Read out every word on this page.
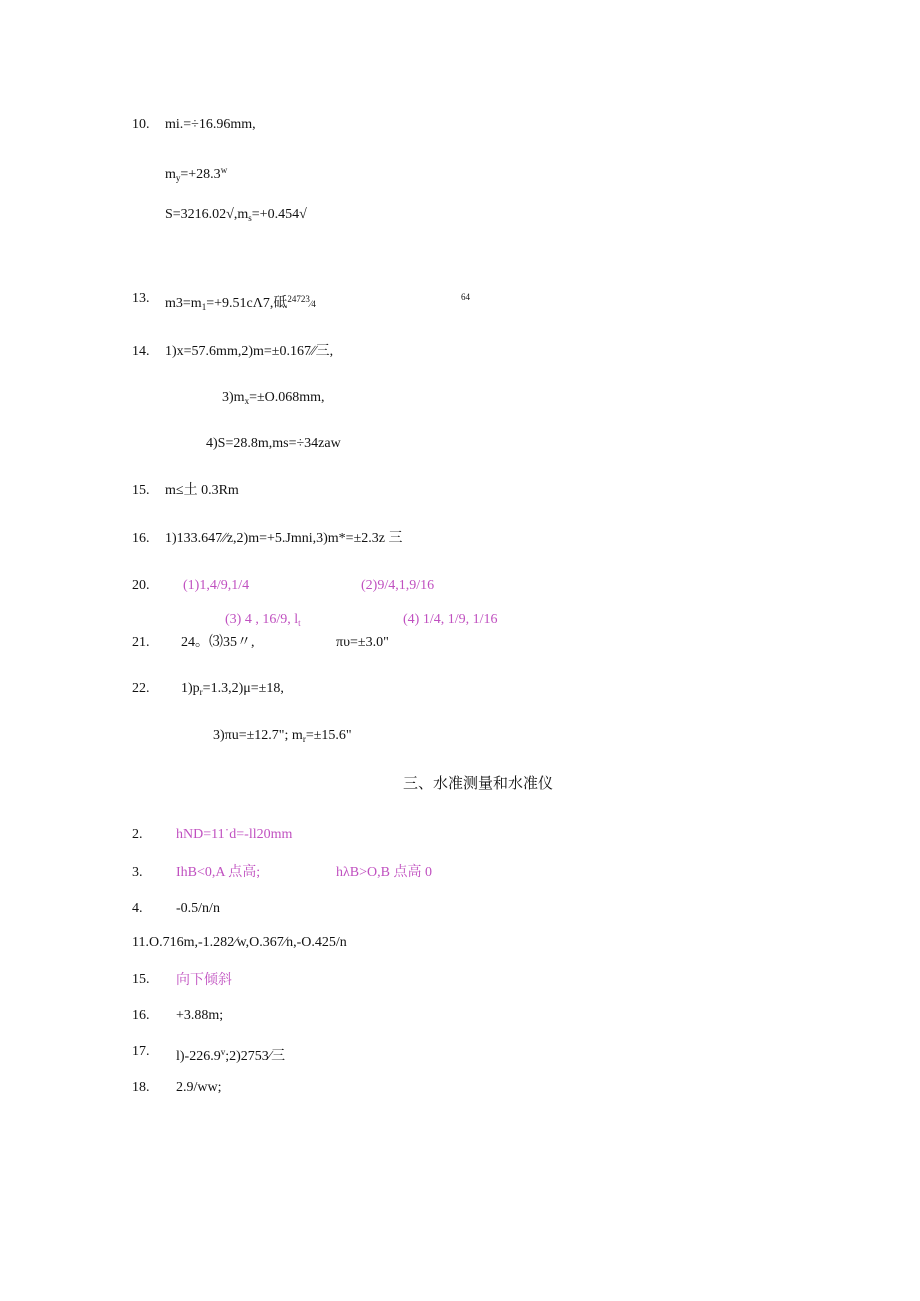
10. mi.=÷16.96mm,
$m_y=+28.3^w$
$S=3216.02√,m_s=+0.454√$
13. $m3=m_1=+9.51c\Lambda 7$,砥$^{24723}$⁄4
64
14. 1)x=57.6mm,2)m=±0.167∕∕三,
$3)m_x=\pm O.068mm$,
4)S=28.8m,ms=÷34zaw
15. m≤土 0.3Rm
16. 1)133.647∕∕z,2)m=+5.Jmni,3)m*=±2.3z 三
20. (1)1,4/9,1/4	(2)9/4,1,9/16
(3) 4 , 16/9, $l_t$	(4) 1/4, 1/9, 1/16
21. 24。⑶35〃,	πυ=±3.0"
22. $1)p_r=1.3,2)\mu=\pm 18$,
3)πu=±12.7"; $m_r=\pm 15.6$"
三、水准测量和水准仪
2. hND=11˙d=-ll20mm
3. IhB<0,A 点高;	hλB>O,B 点高 0
4. -0.5/n/n
11.O.716m,-1.282∕w,O.367∕n,-O.425/n
15. 向下倾斜
16. +3.88m;
17. l)-226.9$^v$;2)2753∕三
18. 2.9/ww;
